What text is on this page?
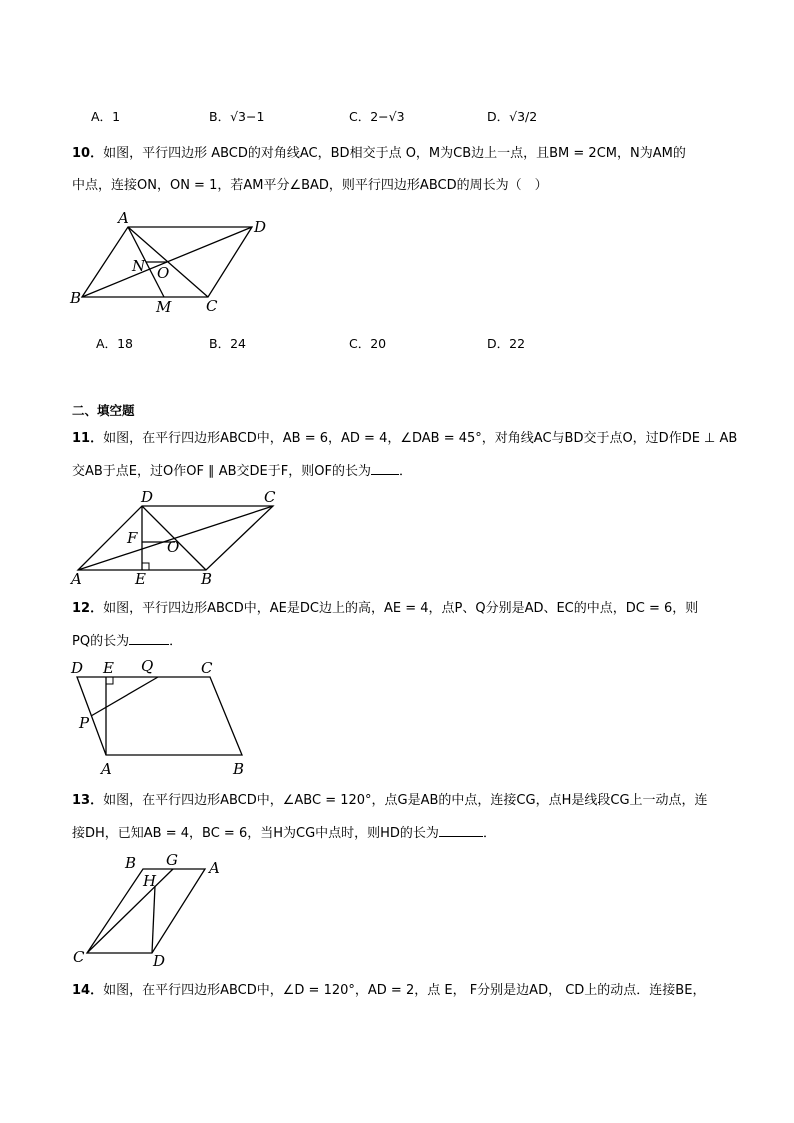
A．1	B．√3−1	C．2−√3	D．√3/2
10．如图，平行四边形 ABCD的对角线AC，BD相交于点 O，M为CB边上一点，且BM = 2CM，N为AM的
中点，连接ON，ON = 1，若AM平分∠BAD，则平行四边形ABCD的周长为（　）
A	D
B	C
M
N O
A．18	B．24	C．20	D．22
二、填空题
11．如图，在平行四边形ABCD中，AB = 6，AD = 4，∠DAB = 45°，对角线AC与BD交于点O，过D作DE ⊥ AB
交AB于点E，过O作OF ∥ AB交DE于F，则OF的长为 ．
A	B
C
D
E
F O
12．如图，平行四边形ABCD中，AE是DC边上的高，AE = 4，点P、Q分别是AD、EC的中点，DC = 6，则
PQ的长为	．
D E Q	C
P
A	B
13．如图，在平行四边形ABCD中，∠ABC = 120°，点G是AB的中点，连接CG，点H是线段CG上一动点，连
接DH，已知AB = 4，BC = 6，当H为CG中点时，则HD的长为	．
B G A
H
C	D
14．如图，在平行四边形ABCD中，∠D = 120°，AD = 2，点 E， F分别是边AD， CD上的动点．连接BE，
